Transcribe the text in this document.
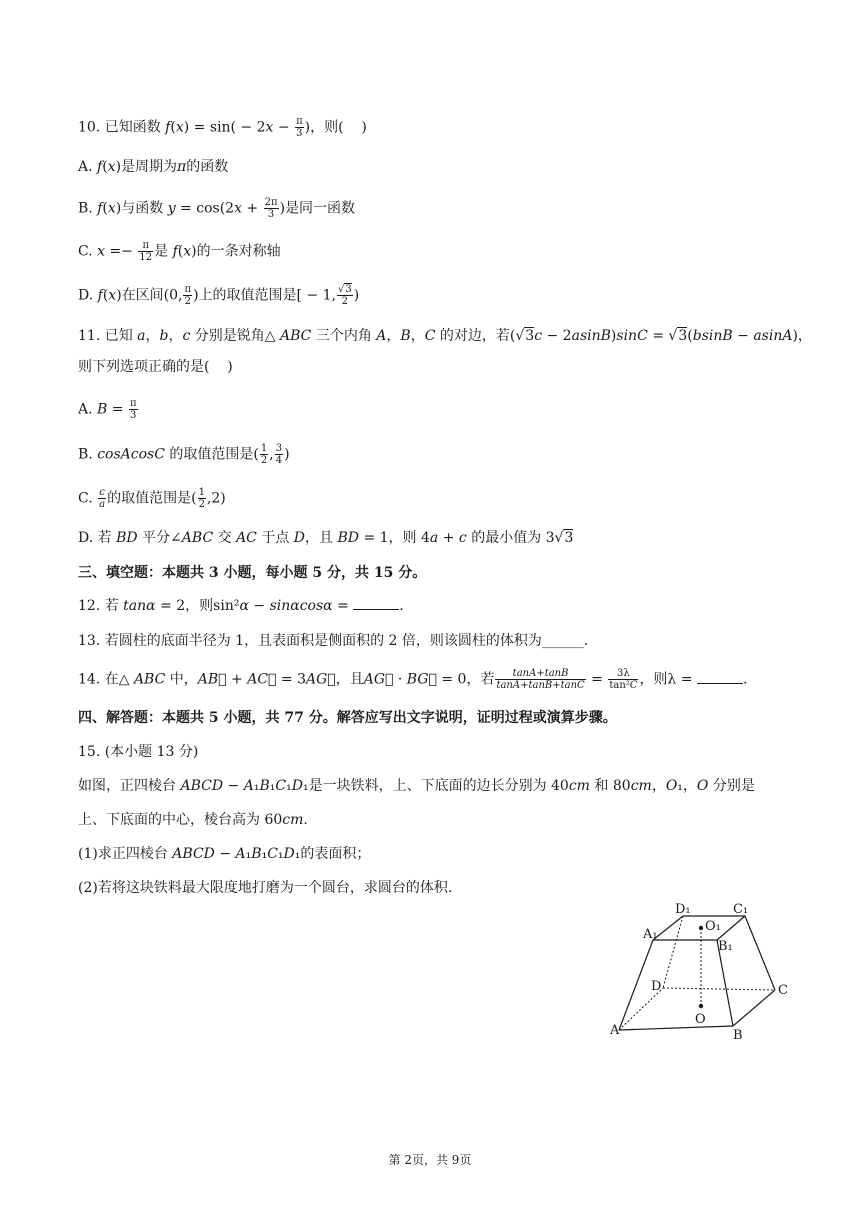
10. 已知函数 $f(x) = \sin( - 2x - \frac{\pi}{3}$ )，则(    )
A. f(x)是周期为π的函数
B. f(x)与函数 $y = \cos(2x + \frac{2\pi}{3}$ )是同一函数
C. $x =- \frac{\pi}{12}$ 是 f(x)的一条对称轴
D. f(x)在区间(0, $\frac{\pi}{2}$ )上的取值范围是[ − 1, $\frac{√3}{2}$ )
11. 已知 a，b，c 分别是锐角△ ABC 三个内角 A，B，C 的对边，若(√3c − 2asinB)sinC = √3(bsinB − asinA)，
则下列选项正确的是(    )
A. $B = \frac{\pi}{3}$
B. cosAcosC 的取值范围是( $\frac{1}{2}$ , $\frac{3}{4}$ )
C. $\frac{c}{a}$ 的取值范围是( $\frac{1}{2} ,2$)
D. 若 BD 平分∠ABC 交 AC 于点 D，且 BD = 1，则 4a + c 的最小值为 3√3
三、填空题：本题共 3 小题，每小题 5 分，共 15 分。
12. 若 tanα = 2，则sin²α − sinαcosα =	.
13. 若圆柱的底面半径为 1，且表面积是侧面积的 2 倍，则该圆柱的体积为______.
14. 在△ ABC 中，AB⃗ + AC⃗ = 3AG⃗，且AG⃗ · BG⃗ = 0，若 $\frac{\tan A+\tan B}{\tan A+\tan B+\tan C} = \frac{3\lambda}{\text{tan²C}}$ ，则λ =	.
四、解答题：本题共 5 小题，共 77 分。解答应写出文字说明，证明过程或演算步骤。
15. (本小题 13 分)
如图，正四棱台 ABCD − A₁B₁C₁D₁是一块铁料，上、下底面的边长分别为 40cm 和 80cm，O₁，O 分别是
上、下底面的中心，棱台高为 60cm.
(1)求正四棱台 ABCD − A₁B₁C₁D₁的表面积；
(2)若将这块铁料最大限度地打磨为一个圆台，求圆台的体积.
D₁	C₁
A₁
O₁
B₁
D	C
O
A	B
第 2页，共 9页
